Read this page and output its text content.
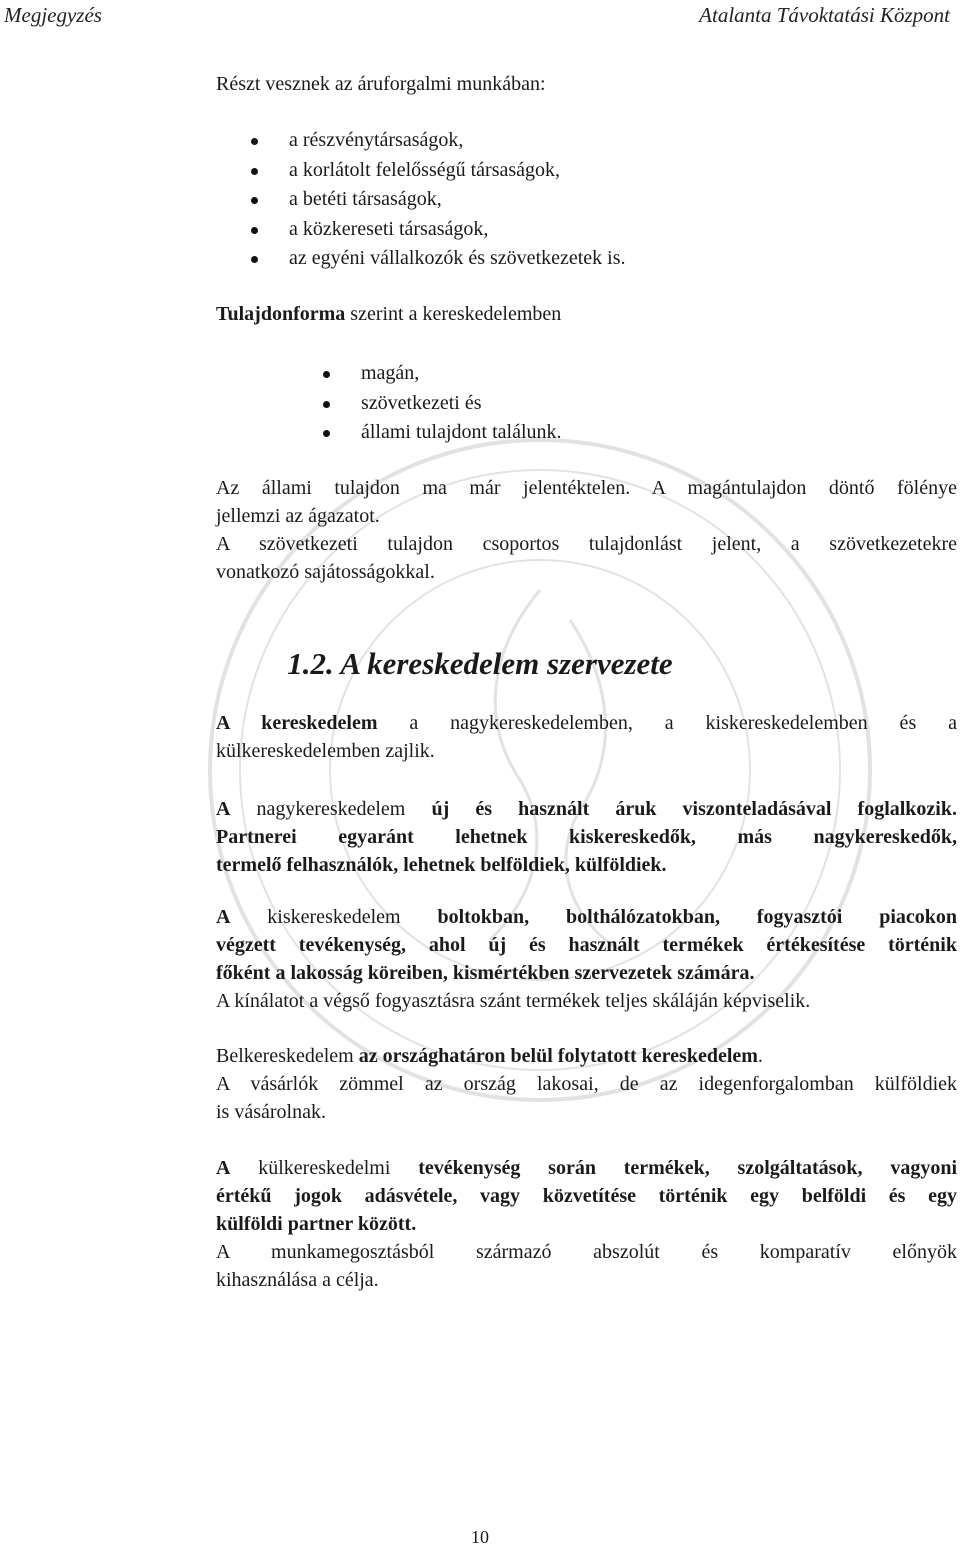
Megjegyzés	Atalanta Távoktatási Központ
Részt vesznek az áruforgalmi munkában:
a részvénytársaságok,
a korlátolt felelősségű társaságok,
a betéti társaságok,
a közkereseti társaságok,
az egyéni vállalkozók és szövetkezetek is.
Tulajdonforma szerint a kereskedelemben
magán,
szövetkezeti és
állami tulajdont találunk.
Az állami tulajdon ma már jelentéktelen. A magántulajdon döntő fölénye
jellemzi az ágazatot.
A szövetkezeti tulajdon csoportos tulajdonlást jelent, a szövetkezetekre
vonatkozó sajátosságokkal.
1.2. A kereskedelem szervezete
A kereskedelem a nagykereskedelemben, a kiskereskedelemben és a
külkereskedelemben zajlik.
A nagykereskedelem új és használt áruk viszonteladásával foglalkozik.
Partnerei egyaránt lehetnek kiskereskedők, más nagykereskedők,
termelő felhasználók, lehetnek belföldiek, külföldiek.
A kiskereskedelem boltokban, bolthálózatokban, fogyasztói piacokon
végzett tevékenység, ahol új és használt termékek értékesítése történik
főként a lakosság köreiben, kismértékben szervezetek számára.
A kínálatot a végső fogyasztásra szánt termékek teljes skáláján képviselik.
Belkereskedelem az országhatáron belül folytatott kereskedelem.
A vásárlók zömmel az ország lakosai, de az idegenforgalomban külföldiek
is vásárolnak.
A külkereskedelmi tevékenység során termékek, szolgáltatások, vagyoni
értékű jogok adásvétele, vagy közvetítése történik egy belföldi és egy
külföldi partner között.
A munkamegosztásból származó abszolút és komparatív előnyök
kihasználása a célja.
10
